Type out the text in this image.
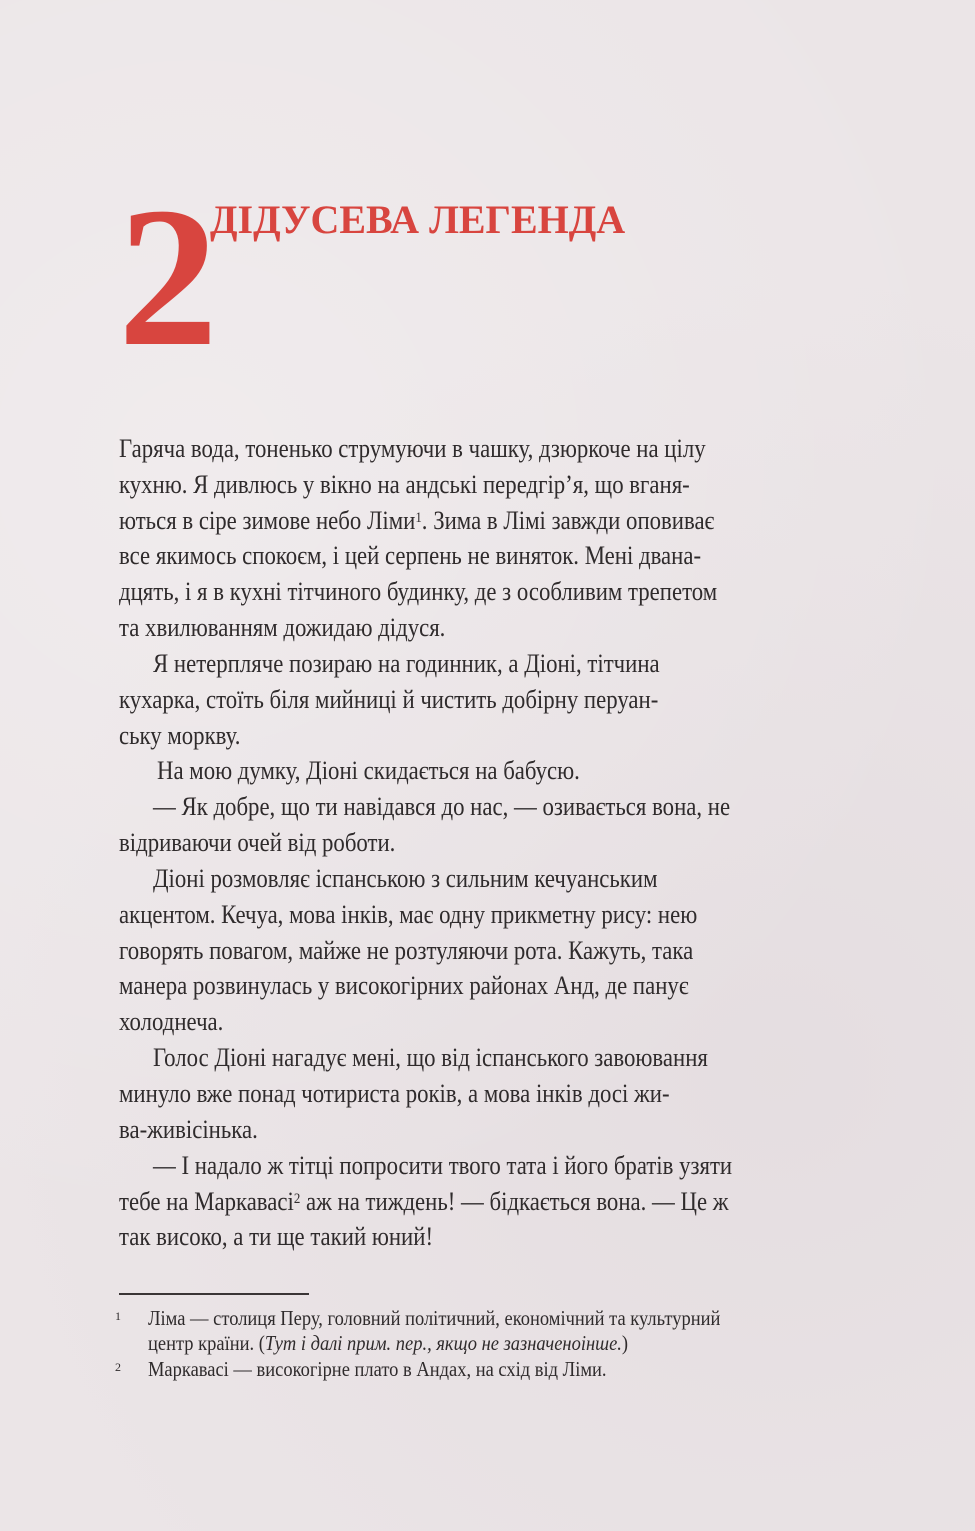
2
ДІДУСЕВА ЛЕГЕНДА
Гаряча вода, тоненько струмуючи в чашку, дзюркоче на цілу
кухню. Я дивлюсь у вікно на андські передгір’я, що вганя-
ються в сіре зимове небо Ліми$^1$. Зима в Лімі завжди оповиває
все якимось спокоєм, і цей серпень не виняток. Мені двана-
дцять, і я в кухні тітчиного будинку, де з особливим трепетом
та хвилюванням дожидаю дідуся.
Я нетерпляче позираю на годинник, а Діоні, тітчина
кухарка, стоїть біля мийниці й чистить добірну перуан-
ську моркву.
На мою думку, Діоні скидається на бабусю.
— Як добре, що ти навідався до нас, — озивається вона, не
відриваючи очей від роботи.
Діоні розмовляє іспанською з сильним кечуанським
акцентом. Кечуа, мова інків, має одну прикметну рису: нею
говорять повагом, майже не розтуляючи рота. Кажуть, така
манера розвинулась у високогірних районах Анд, де панує
холоднеча.
Голос Діоні нагадує мені, що від іспанського завоювання
минуло вже понад чотириста років, а мова інків досі жи-
ва-живісінька.
— І надало ж тітці попросити твого тата і його братів узяти
тебе на Маркавасі$^2$ аж на тиждень! — бідкається вона. — Це ж
так високо, а ти ще такий юний!
1 Ліма — столиця Перу, головний політичний, економічний та культурний
центр країни. (Тут і далі прим. пер., якщо не зазначеноінше.)
2 Маркавасі — високогірне плато в Андах, на схід від Ліми.
